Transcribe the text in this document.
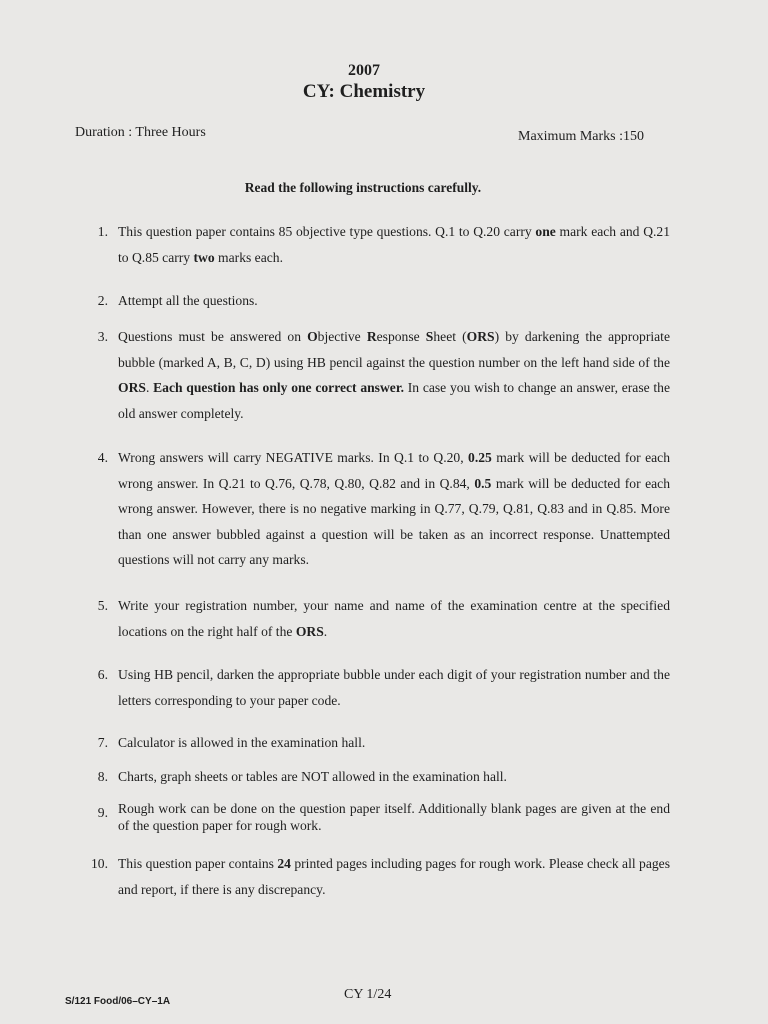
2007
CY: Chemistry
Duration : Three Hours	Maximum Marks :150
Read the following instructions carefully.
1. This question paper contains 85 objective type questions. Q.1 to Q.20 carry one mark each and Q.21 to Q.85 carry two marks each.
2. Attempt all the questions.
3. Questions must be answered on Objective Response Sheet (ORS) by darkening the appropriate bubble (marked A, B, C, D) using HB pencil against the question number on the left hand side of the ORS. Each question has only one correct answer. In case you wish to change an answer, erase the old answer completely.
4. Wrong answers will carry NEGATIVE marks. In Q.1 to Q.20, 0.25 mark will be deducted for each wrong answer. In Q.21 to Q.76, Q.78, Q.80, Q.82 and in Q.84, 0.5 mark will be deducted for each wrong answer. However, there is no negative marking in Q.77, Q.79, Q.81, Q.83 and in Q.85. More than one answer bubbled against a question will be taken as an incorrect response. Unattempted questions will not carry any marks.
5. Write your registration number, your name and name of the examination centre at the specified locations on the right half of the ORS.
6. Using HB pencil, darken the appropriate bubble under each digit of your registration number and the letters corresponding to your paper code.
7. Calculator is allowed in the examination hall.
8. Charts, graph sheets or tables are NOT allowed in the examination hall.
9. Rough work can be done on the question paper itself. Additionally blank pages are given at the end of the question paper for rough work.
10. This question paper contains 24 printed pages including pages for rough work. Please check all pages and report, if there is any discrepancy.
S/121 Food/06–CY–1A	CY 1/24
